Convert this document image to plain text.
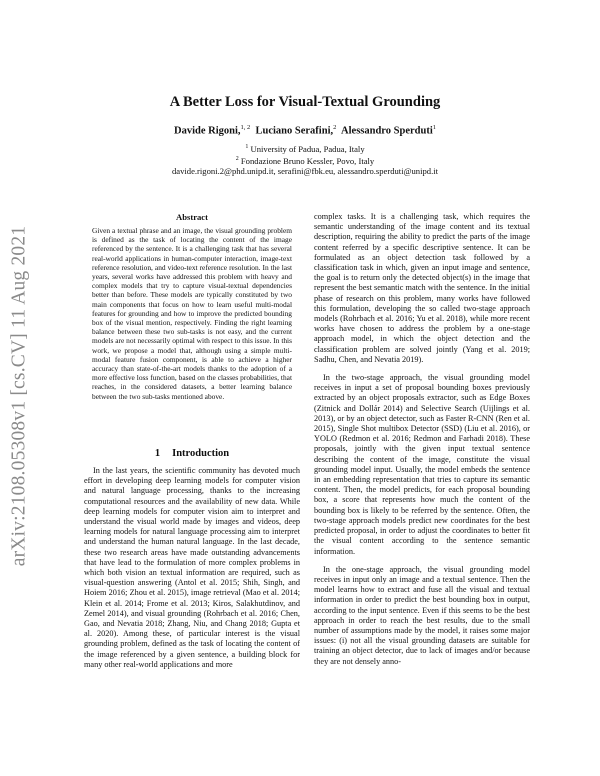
arXiv:2108.05308v1 [cs.CV] 11 Aug 2021
A Better Loss for Visual-Textual Grounding
Davide Rigoni,$^{1, 2}$ Luciano Serafini,$^2$ Alessandro Sperduti$^1$
$^1$ University of Padua, Padua, Italy
$^2$ Fondazione Bruno Kessler, Povo, Italy
davide.rigoni.2@phd.unipd.it, serafini@fbk.eu, alessandro.sperduti@unipd.it
Abstract
Given a textual phrase and an image, the visual grounding problem is defined as the task of locating the content of the image referenced by the sentence. It is a challenging task that has several real-world applications in human-computer interaction, image-text reference resolution, and video-text reference resolution. In the last years, several works have addressed this problem with heavy and complex models that try to capture visual-textual dependencies better than before. These models are typically constituted by two main components that focus on how to learn useful multi-modal features for grounding and how to improve the predicted bounding box of the visual mention, respectively. Finding the right learning balance between these two sub-tasks is not easy, and the current models are not necessarily optimal with respect to this issue. In this work, we propose a model that, although using a simple multi-modal feature fusion component, is able to achieve a higher accuracy than state-of-the-art models thanks to the adoption of a more effective loss function, based on the classes probabilities, that reaches, in the considered datasets, a better learning balance between the two sub-tasks mentioned above.
1 Introduction

In the last years, the scientific community has devoted much effort in developing deep learning models for computer vision and natural language processing, thanks to the increasing computational resources and the availability of new data. While deep learning models for computer vision aim to interpret and understand the visual world made by images and videos, deep learning models for natural language processing aim to interpret and understand the human natural language. In the last decade, these two research areas have made outstanding advancements that have lead to the formulation of more complex problems in which both vision an textual information are required, such as visual-question answering (Antol et al. 2015; Shih, Singh, and Hoiem 2016; Zhou et al. 2015), image retrieval (Mao et al. 2014; Klein et al. 2014; Frome et al. 2013; Kiros, Salakhutdinov, and Zemel 2014), and visual grounding (Rohrbach et al. 2016; Chen, Gao, and Nevatia 2018; Zhang, Niu, and Chang 2018; Gupta et al. 2020). Among these, of particular interest is the visual grounding problem, defined as the task of locating the content of the image referenced by a given sentence, a building block for many other real-world applications and more

complex tasks. It is a challenging task, which requires the semantic understanding of the image content and its textual description, requiring the ability to predict the parts of the image content referred by a specific descriptive sentence. It can be formulated as an object detection task followed by a classification task in which, given an input image and sentence, the goal is to return only the detected object(s) in the image that represent the best semantic match with the sentence. In the initial phase of research on this problem, many works have followed this formulation, developing the so called two-stage approach models (Rohrbach et al. 2016; Yu et al. 2018), while more recent works have chosen to address the problem by a one-stage approach model, in which the object detection and the classification problem are solved jointly (Yang et al. 2019; Sadhu, Chen, and Nevatia 2019).

In the two-stage approach, the visual grounding model receives in input a set of proposal bounding boxes previously extracted by an object proposals extractor, such as Edge Boxes (Zitnick and Dollár 2014) and Selective Search (Uijlings et al. 2013), or by an object detector, such as Faster R-CNN (Ren et al. 2015), Single Shot multibox Detector (SSD) (Liu et al. 2016), or YOLO (Redmon et al. 2016; Redmon and Farhadi 2018). These proposals, jointly with the given input textual sentence describing the content of the image, constitute the visual grounding model input. Usually, the model embeds the sentence in an embedding representation that tries to capture its semantic content. Then, the model predicts, for each proposal bounding box, a score that represents how much the content of the bounding box is likely to be referred by the sentence. Often, the two-stage approach models predict new coordinates for the best predicted proposal, in order to adjust the coordinates to better fit the visual content according to the sentence semantic information.

In the one-stage approach, the visual grounding model receives in input only an image and a textual sentence. Then the model learns how to extract and fuse all the visual and textual information in order to predict the best bounding box in output, according to the input sentence. Even if this seems to be the best approach in order to reach the best results, due to the small number of assumptions made by the model, it raises some major issues: (i) not all the visual grounding datasets are suitable for training an object detector, due to lack of images and/or because they are not densely anno-
